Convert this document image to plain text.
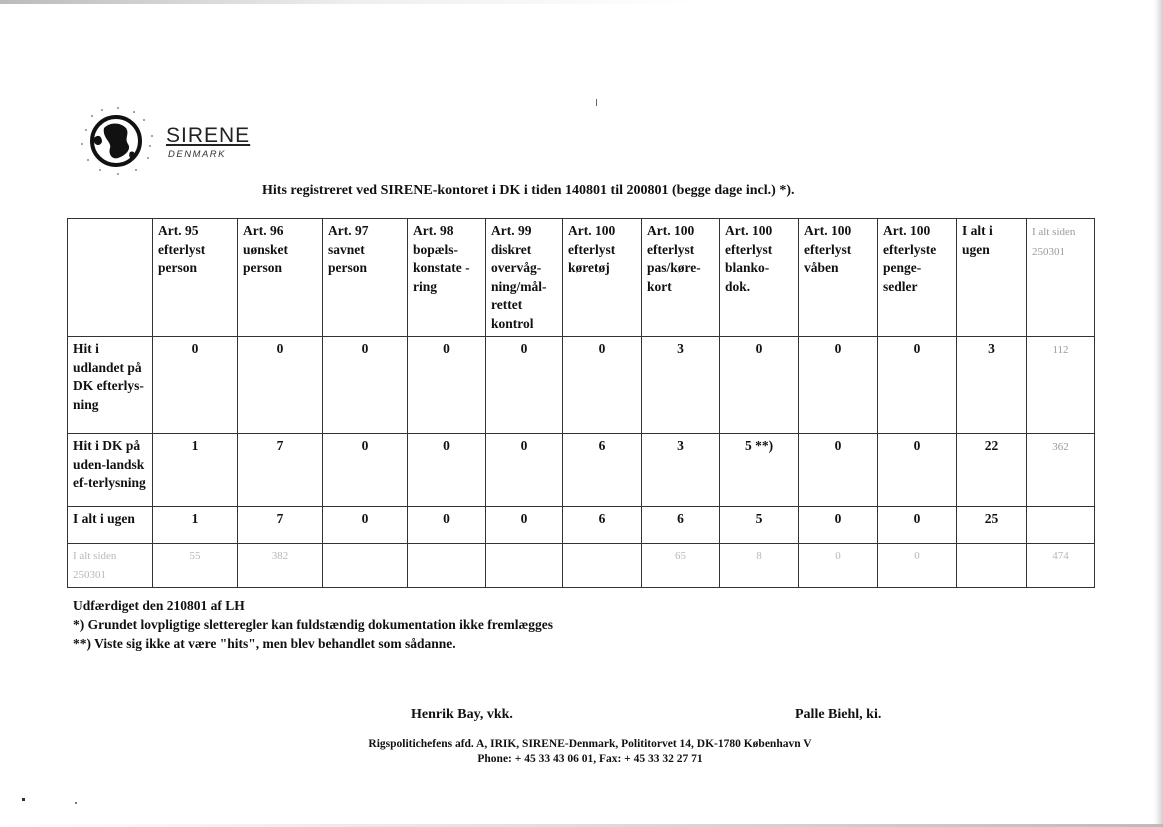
SIRENE
DENMARK
Hits registreret ved SIRENE-kontoret i DK i tiden 140801 til 200801 (begge dage incl.) *).
	Art. 95 efterlyst person	Art. 96 uønsket person	Art. 97 savnet person	Art. 98 bopæls-konstate -ring	Art. 99 diskret overvåg-ning/mål-rettet kontrol	Art. 100 efterlyst køretøj	Art. 100 efterlyst pas/køre-kort	Art. 100 efterlyst blanko-dok.	Art. 100 efterlyst våben	Art. 100 efterlyste penge-sedler	I alt i ugen	I alt siden 250301
Hit i udlandet på DK efterlys-ning	0	0	0	0	0	0	3	0	0	0	3	112
Hit i DK på uden-landsk ef-terlysning	1	7	0	0	0	6	3	5 **)	0	0	22	362
I alt i ugen	1	7	0	0	0	6	6	5	0	0	25	
I alt siden 250301	55	382					65	8	0	0		474
Udfærdiget den 210801 af LH
*) Grundet lovpligtige sletteregler kan fuldstændig dokumentation ikke fremlægges
**) Viste sig ikke at være "hits", men blev behandlet som sådanne.
Henrik Bay, vkk.	Palle Biehl, ki.
Rigspolitichefens afd. A, IRIK, SIRENE-Denmark, Polititorvet 14, DK-1780 København V
Phone: + 45 33 43 06 01, Fax: + 45 33 32 27 71
